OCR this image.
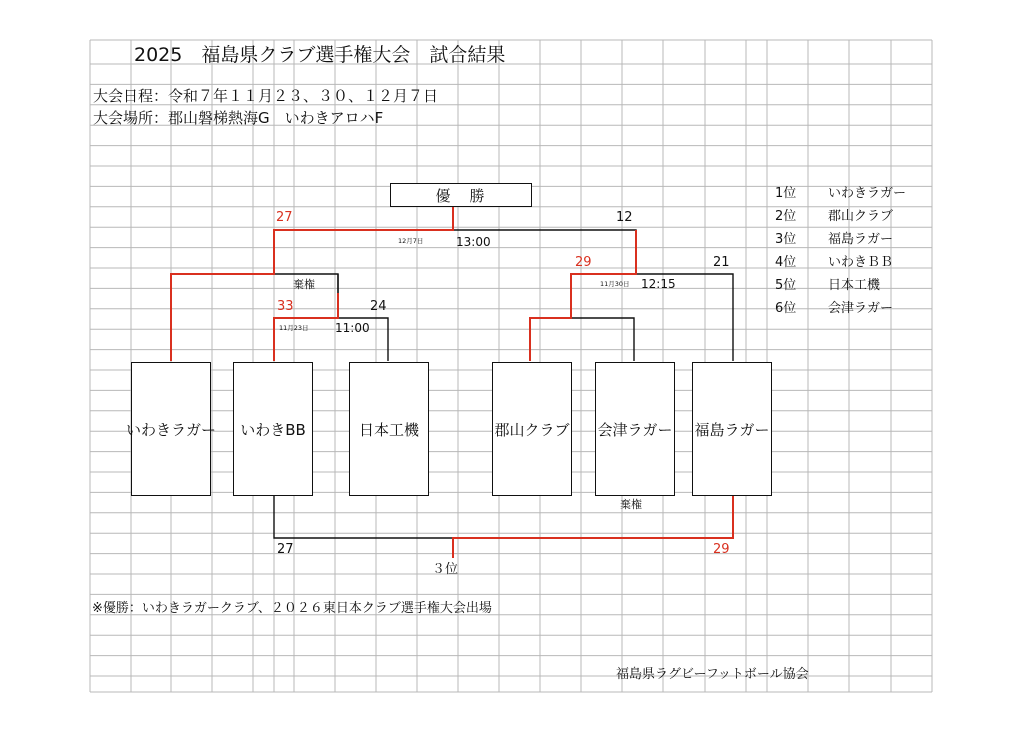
2025　福島県クラブ選手権大会　試合結果
大会日程：令和７年１１月２３、３０、１２月７日
大会場所：郡山磐梯熱海G　いわきアロハF
優　勝
いわきラガー いわきBB	日本工機	郡山クラブ 会津ラガー 福島ラガー
27	12
12月7日	13:00
棄権
33	24
11月23日 11:00
29	21
11月30日 12:15
棄権
27	29
３位
1位 いわきラガー
2位 郡山クラブ
3位 福島ラガー
4位 いわきＢＢ
5位 日本工機
6位 会津ラガー
※優勝：いわきラガークラブ、２０２６東日本クラブ選手権大会出場
福島県ラグビーフットボール協会
